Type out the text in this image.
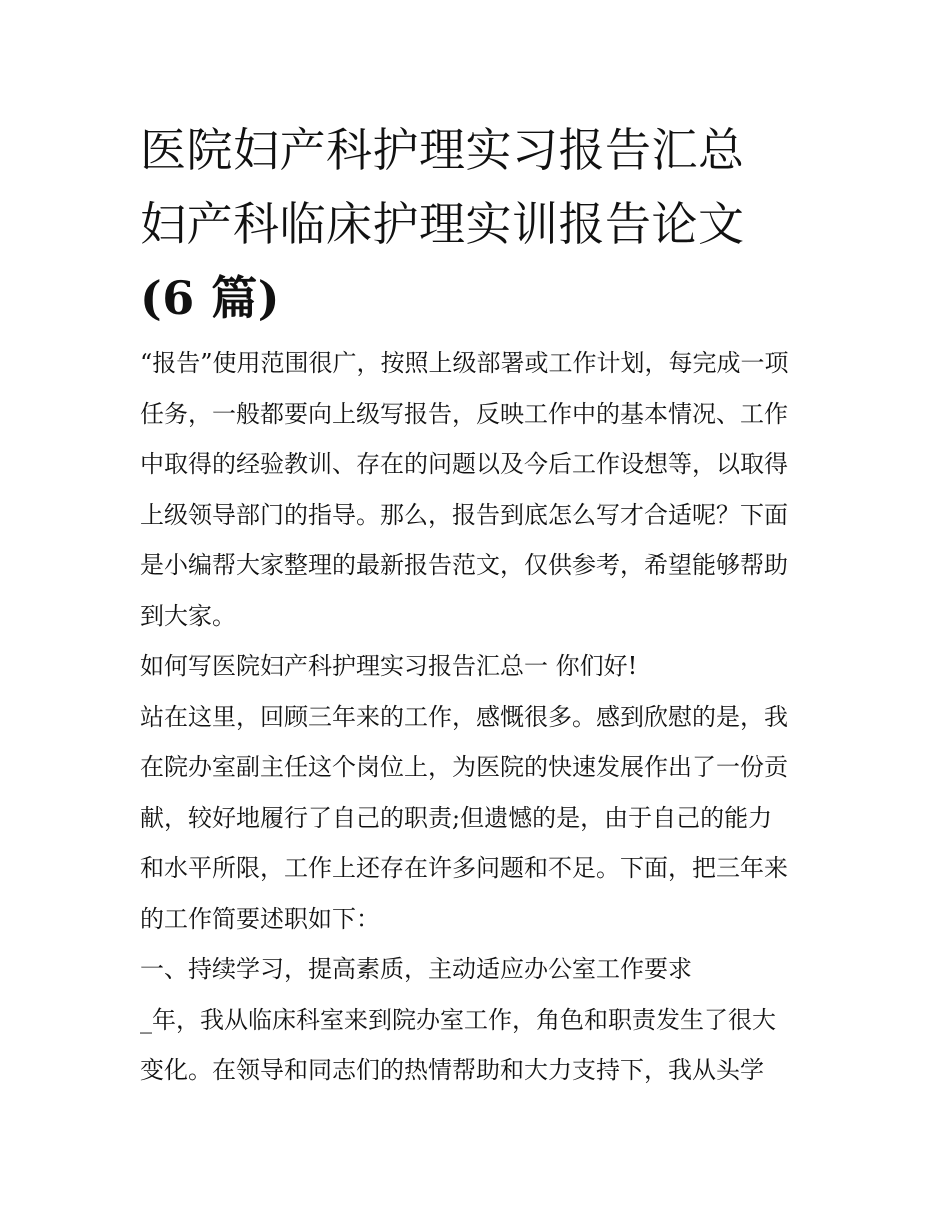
医院妇产科护理实习报告汇总
妇产科临床护理实训报告论文
(6 篇)

“报告”使用范围很广，按照上级部署或工作计划，每完成一项
任务，一般都要向上级写报告，反映工作中的基本情况、工作
中取得的经验教训、存在的问题以及今后工作设想等，以取得
上级领导部门的指导。那么，报告到底怎么写才合适呢？下面
是小编帮大家整理的最新报告范文，仅供参考，希望能够帮助
到大家。

如何写医院妇产科护理实习报告汇总一 你们好!

站在这里，回顾三年来的工作，感慨很多。感到欣慰的是，我
在院办室副主任这个岗位上，为医院的快速发展作出了一份贡
献，较好地履行了自己的职责;但遗憾的是，由于自己的能力
和水平所限，工作上还存在许多问题和不足。下面，把三年来
的工作简要述职如下：

一、持续学习，提高素质，主动适应办公室工作要求

_年，我从临床科室来到院办室工作，角色和职责发生了很大
变化。在领导和同志们的热情帮助和大力支持下，我从头学
